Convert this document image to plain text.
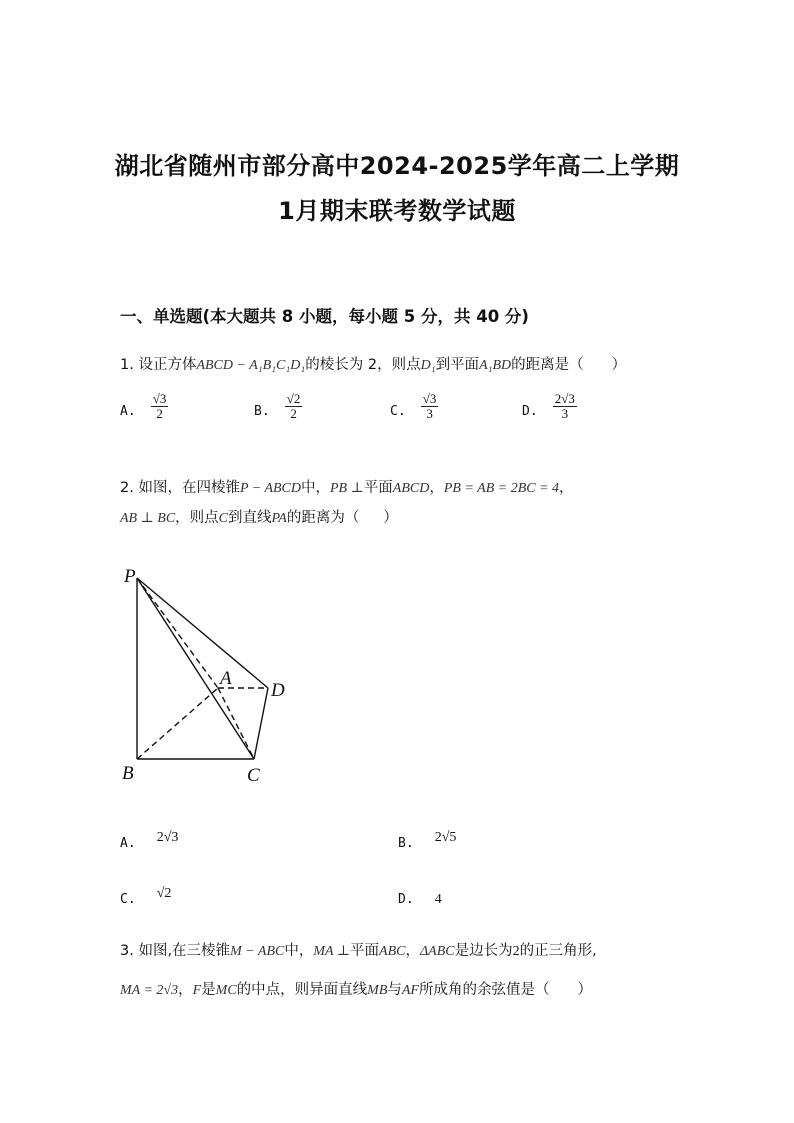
湖北省随州市部分高中2024-2025学年高二上学期
1月期末联考数学试题
一、单选题(本大题共 8 小题，每小题 5 分，共 40 分)
1. 设正方体ABCD − A₁B₁C₁D₁的棱长为 2，则点D₁到平面A₁BD的距离是（ ）
A. $\frac{√3}{2}$	B. $\frac{√2}{2}$	C. $\frac{√3}{3}$	D. $\frac{2√3}{3}$
2. 如图，在四棱锥P − ABCD中，PB ⊥平面ABCD，PB = AB = 2BC = 4，
AB ⊥ BC，则点C到直线PA的距离为（ ）
P
A
D
B	C
A. 2√3	B. 2√5
C. √2	D. 4
3. 如图,在三棱锥M − ABC中，MA ⊥平面ABC，ΔABC是边长为2的正三角形,
MA = 2√3，F是MC的中点，则异面直线MB与AF所成角的余弦值是（ ）
